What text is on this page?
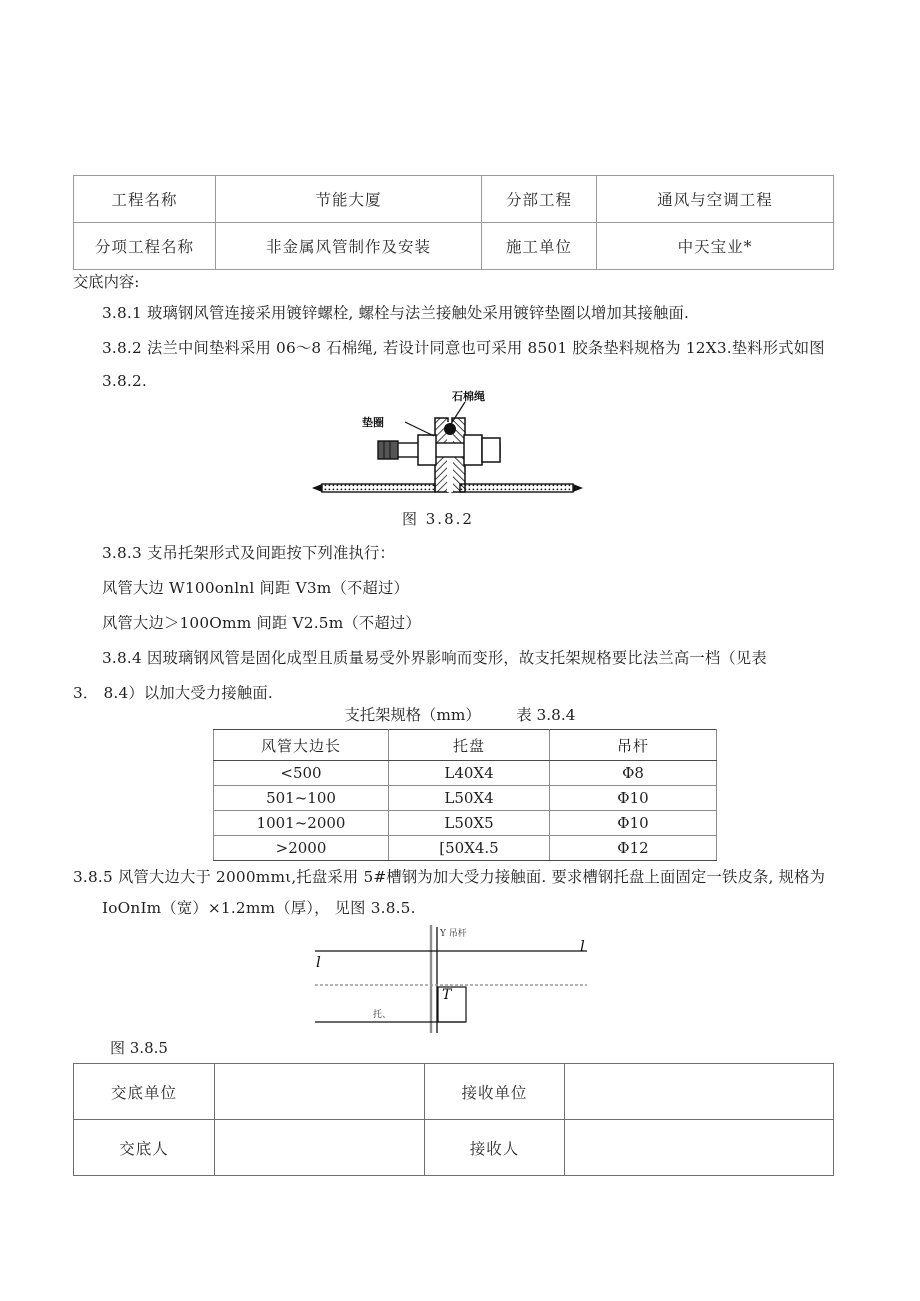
工程名称	节能大厦	分部工程	通风与空调工程
分项工程名称	非金属风管制作及安装	施工单位	中天宝业*
交底内容:
3.8.1 玻璃钢风管连接采用镀锌螺栓, 螺栓与法兰接触处采用镀锌垫圈以增加其接触面.
3.8.2 法兰中间垫料采用 06～8 石棉绳, 若设计同意也可采用 8501 胶条垫料规格为 12X3.垫料形式如图
3.8.2.
石棉绳
垫圈
图 3.8.2
3.8.3 支吊托架形式及间距按下列准执行：
风管大边 W100onlnl 间距 V3m（不超过）
风管大边＞100Omm 间距 V2.5m（不超过）
3.8.4 因玻璃钢风管是固化成型且质量易受外界影响而变形，故支托架规格要比法兰高一档（见表
3． 8.4）以加大受力接触面.
支托架规格（mm） 表 3.8.4
风管大边长	托盘	吊杆
<500	L40X4	Φ8
501~100	L50X4	Φ10
1001~2000	L50X5	Φ10
>2000	[50X4.5	Φ12
3.8.5 风管大边大于 2000mmι,托盘采用 5#槽钢为加大受力接触面. 要求槽钢托盘上面固定一铁皮条, 规格为
IoOnIm（宽）×1.2mm（厚）， 见图 3.8.5.
Y 吊杆
l
l
T
托、
图 3.8.5
交底单位		接收单位	
交底人		接收人	
